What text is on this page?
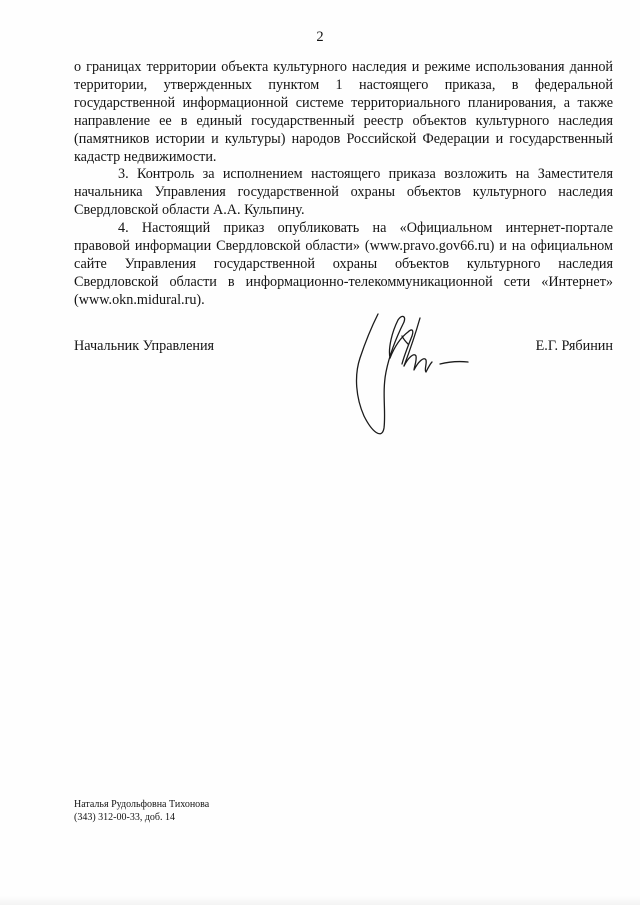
2

о границах территории объекта культурного наследия и режиме использования данной территории, утвержденных пунктом 1 настоящего приказа, в федеральной государственной информационной системе территориального планирования, а также направление ее в единый государственный реестр объектов культурного наследия (памятников истории и культуры) народов Российской Федерации и государственный кадастр недвижимости.

3. Контроль за исполнением настоящего приказа возложить на Заместителя начальника Управления государственной охраны объектов культурного наследия Свердловской области А.А. Кульпину.

4. Настоящий приказ опубликовать на «Официальном интернет-портале правовой информации Свердловской области» (www.pravo.gov66.ru) и на официальном сайте Управления государственной охраны объектов культурного наследия Свердловской области в информационно-телекоммуникационной сети «Интернет» (www.okn.midural.ru).

Начальник Управления	Е.Г. Рябинин
Наталья Рудольфовна Тихонова
(343) 312-00-33, доб. 14
